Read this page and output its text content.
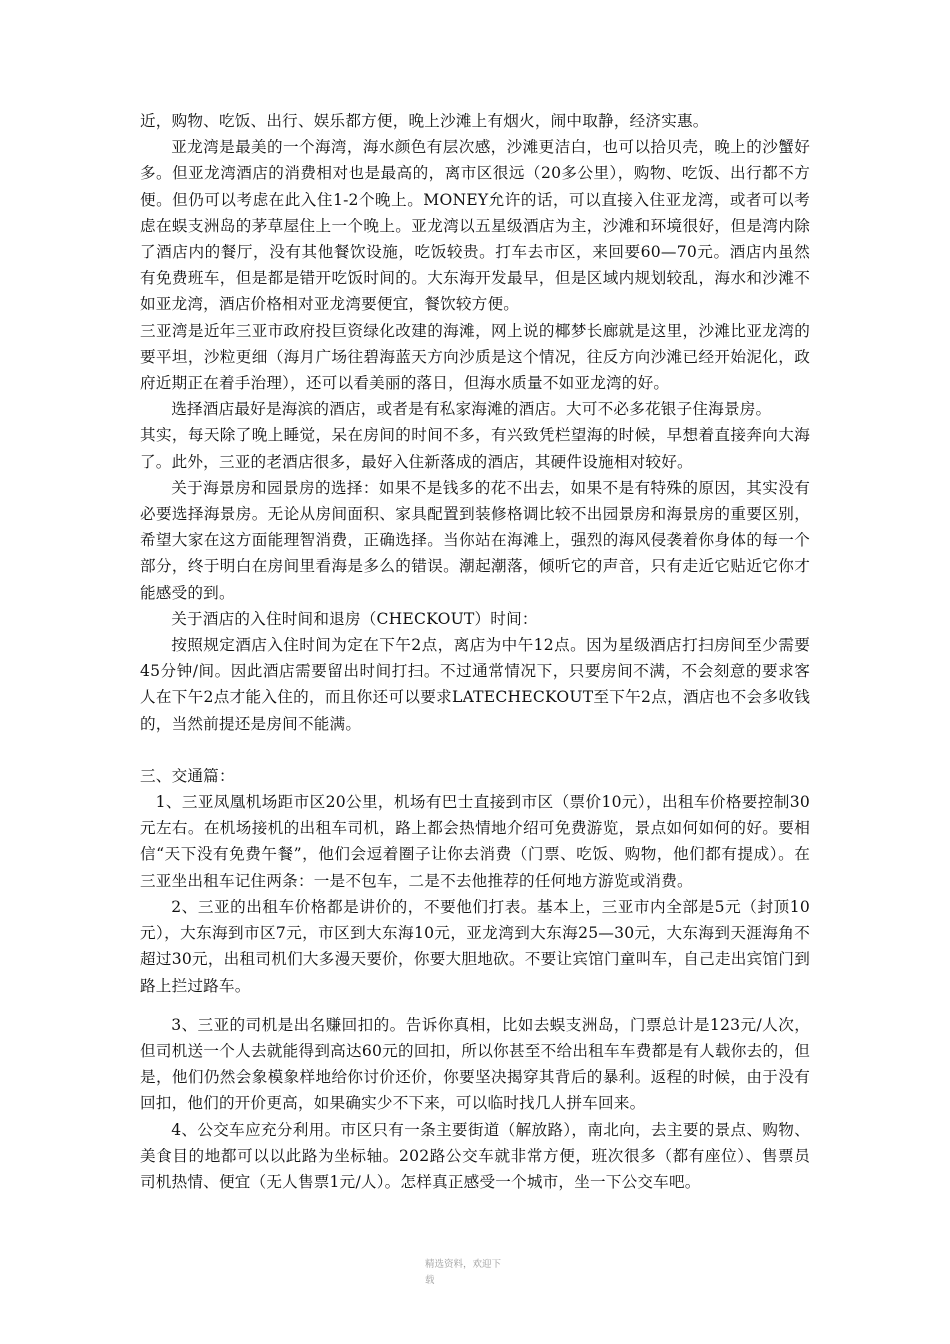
近，购物、吃饭、出行、娱乐都方便，晚上沙滩上有烟火，闹中取静，经济实惠。

亚龙湾是最美的一个海湾，海水颜色有层次感，沙滩更洁白，也可以拾贝壳，晚上的沙蟹好多。但亚龙湾酒店的消费相对也是最高的，离市区很远（20多公里），购物、吃饭、出行都不方便。但仍可以考虑在此入住1-2个晚上。MONEY允许的话，可以直接入住亚龙湾，或者可以考虑在蜈支洲岛的茅草屋住上一个晚上。亚龙湾以五星级酒店为主，沙滩和环境很好，但是湾内除了酒店内的餐厅，没有其他餐饮设施，吃饭较贵。打车去市区，来回要60—70元。酒店内虽然有免费班车，但是都是错开吃饭时间的。大东海开发最早，但是区域内规划较乱，海水和沙滩不如亚龙湾，酒店价格相对亚龙湾要便宜，餐饮较方便。

三亚湾是近年三亚市政府投巨资绿化改建的海滩，网上说的椰梦长廊就是这里，沙滩比亚龙湾的要平坦，沙粒更细（海月广场往碧海蓝天方向沙质是这个情况，往反方向沙滩已经开始泥化，政府近期正在着手治理），还可以看美丽的落日，但海水质量不如亚龙湾的好。

选择酒店最好是海滨的酒店，或者是有私家海滩的酒店。大可不必多花银子住海景房。

其实，每天除了晚上睡觉，呆在房间的时间不多，有兴致凭栏望海的时候，早想着直接奔向大海了。此外，三亚的老酒店很多，最好入住新落成的酒店，其硬件设施相对较好。

关于海景房和园景房的选择：如果不是钱多的花不出去，如果不是有特殊的原因，其实没有必要选择海景房。无论从房间面积、家具配置到装修格调比较不出园景房和海景房的重要区别，希望大家在这方面能理智消费，正确选择。当你站在海滩上，强烈的海风侵袭着你身体的每一个部分，终于明白在房间里看海是多么的错误。潮起潮落，倾听它的声音，只有走近它贴近它你才能感受的到。

关于酒店的入住时间和退房（CHECKOUT）时间：

按照规定酒店入住时间为定在下午2点，离店为中午12点。因为星级酒店打扫房间至少需要45分钟/间。因此酒店需要留出时间打扫。不过通常情况下，只要房间不满，不会刻意的要求客人在下午2点才能入住的，而且你还可以要求LATECHECKOUT至下午2点，酒店也不会多收钱的，当然前提还是房间不能满。

三、交通篇：

1、三亚凤凰机场距市区20公里，机场有巴士直接到市区（票价10元），出租车价格要控制30元左右。在机场接机的出租车司机，路上都会热情地介绍可免费游览，景点如何如何的好。要相信“天下没有免费午餐”，他们会逗着圈子让你去消费（门票、吃饭、购物，他们都有提成）。在三亚坐出租车记住两条：一是不包车，二是不去他推荐的任何地方游览或消费。

2、三亚的出租车价格都是讲价的，不要他们打表。基本上，三亚市内全部是5元（封顶10元），大东海到市区7元，市区到大东海10元，亚龙湾到大东海25—30元，大东海到天涯海角不超过30元，出租司机们大多漫天要价，你要大胆地砍。不要让宾馆门童叫车，自己走出宾馆门到路上拦过路车。

3、三亚的司机是出名赚回扣的。告诉你真相，比如去蜈支洲岛，门票总计是123元/人次，但司机送一个人去就能得到高达60元的回扣，所以你甚至不给出租车车费都是有人载你去的，但是，他们仍然会象模象样地给你讨价还价，你要坚决揭穿其背后的暴利。返程的时候，由于没有回扣，他们的开价更高，如果确实少不下来，可以临时找几人拼车回来。

4、公交车应充分利用。市区只有一条主要街道（解放路），南北向，去主要的景点、购物、美食目的地都可以以此路为坐标轴。202路公交车就非常方便，班次很多（都有座位）、售票员司机热情、便宜（无人售票1元/人）。怎样真正感受一个城市，坐一下公交车吧。

精选资料，欢迎下
载
